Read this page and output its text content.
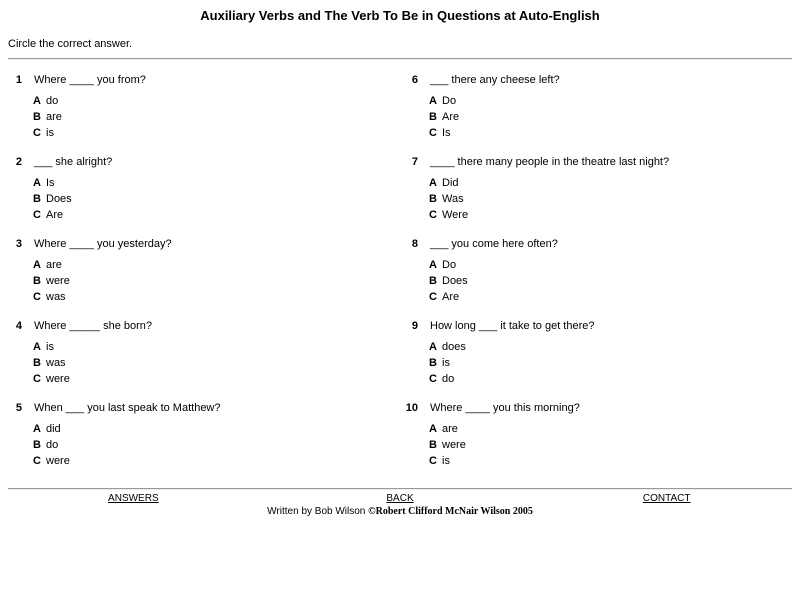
Auxiliary Verbs and The Verb To Be in Questions at Auto-English

Circle the correct answer.

1 Where ____ you from?
A do
B are
C is
2 ___ she alright?
A Is
B Does
C Are
3 Where ____ you yesterday?
A are
B were
C was
4 Where _____ she born?
A is
B was
C were
5 When ___ you last speak to Matthew?
A did
B do
C were
6 ___ there any cheese left?
A Do
B Are
C Is
7 ____ there many people in the theatre last night?
A Did
B Was
C Were
8 ___ you come here often?
A Do
B Does
C Are
9 How long ___ it take to get there?
A does
B is
C do
10 Where ____ you this morning?
A are
B were
C is
ANSWERS	BACK	CONTACT

Written by Bob Wilson ©Robert Clifford McNair Wilson 2005
